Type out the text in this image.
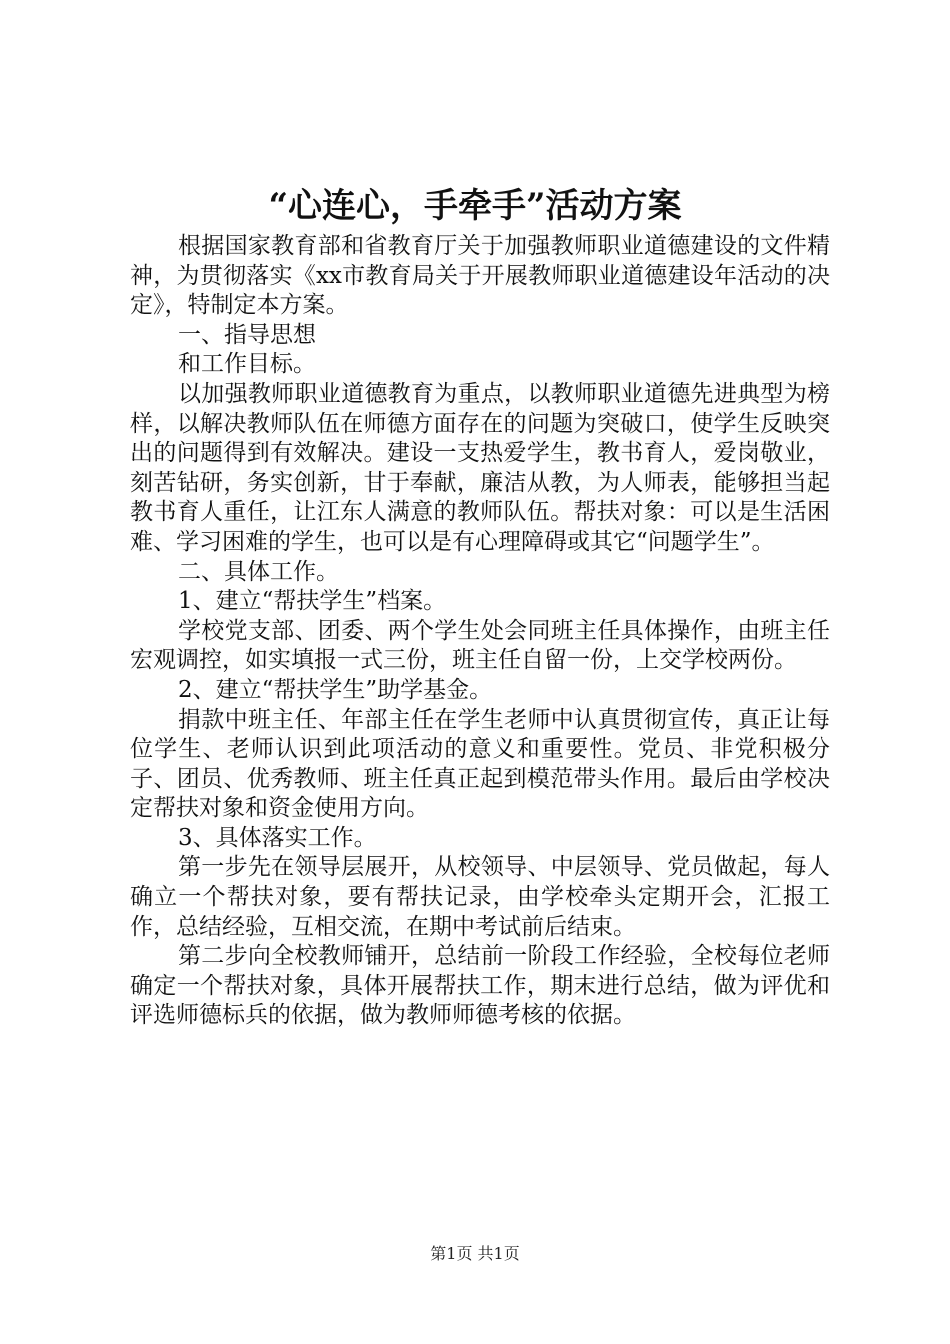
“心连心，手牵手”活动方案

根据国家教育部和省教育厅关于加强教师职业道德建设的文件精神，为贯彻落实《xx市教育局关于开展教师职业道德建设年活动的决定》，特制定本方案。

一、指导思想

和工作目标。

以加强教师职业道德教育为重点，以教师职业道德先进典型为榜样，以解决教师队伍在师德方面存在的问题为突破口，使学生反映突出的问题得到有效解决。建设一支热爱学生，教书育人，爱岗敬业，刻苦钻研，务实创新，甘于奉献，廉洁从教，为人师表，能够担当起教书育人重任，让江东人满意的教师队伍。帮扶对象：可以是生活困难、学习困难的学生，也可以是有心理障碍或其它“问题学生”。

二、具体工作。

1、建立“帮扶学生”档案。

学校党支部、团委、两个学生处会同班主任具体操作，由班主任宏观调控，如实填报一式三份，班主任自留一份，上交学校两份。

2、建立“帮扶学生”助学基金。

捐款中班主任、年部主任在学生老师中认真贯彻宣传，真正让每位学生、老师认识到此项活动的意义和重要性。党员、非党积极分子、团员、优秀教师、班主任真正起到模范带头作用。最后由学校决定帮扶对象和资金使用方向。

3、具体落实工作。

第一步先在领导层展开，从校领导、中层领导、党员做起，每人确立一个帮扶对象，要有帮扶记录，由学校牵头定期开会，汇报工作，总结经验，互相交流，在期中考试前后结束。

第二步向全校教师铺开，总结前一阶段工作经验，全校每位老师确定一个帮扶对象，具体开展帮扶工作，期末进行总结，做为评优和评选师德标兵的依据，做为教师师德考核的依据。

第1页 共1页
